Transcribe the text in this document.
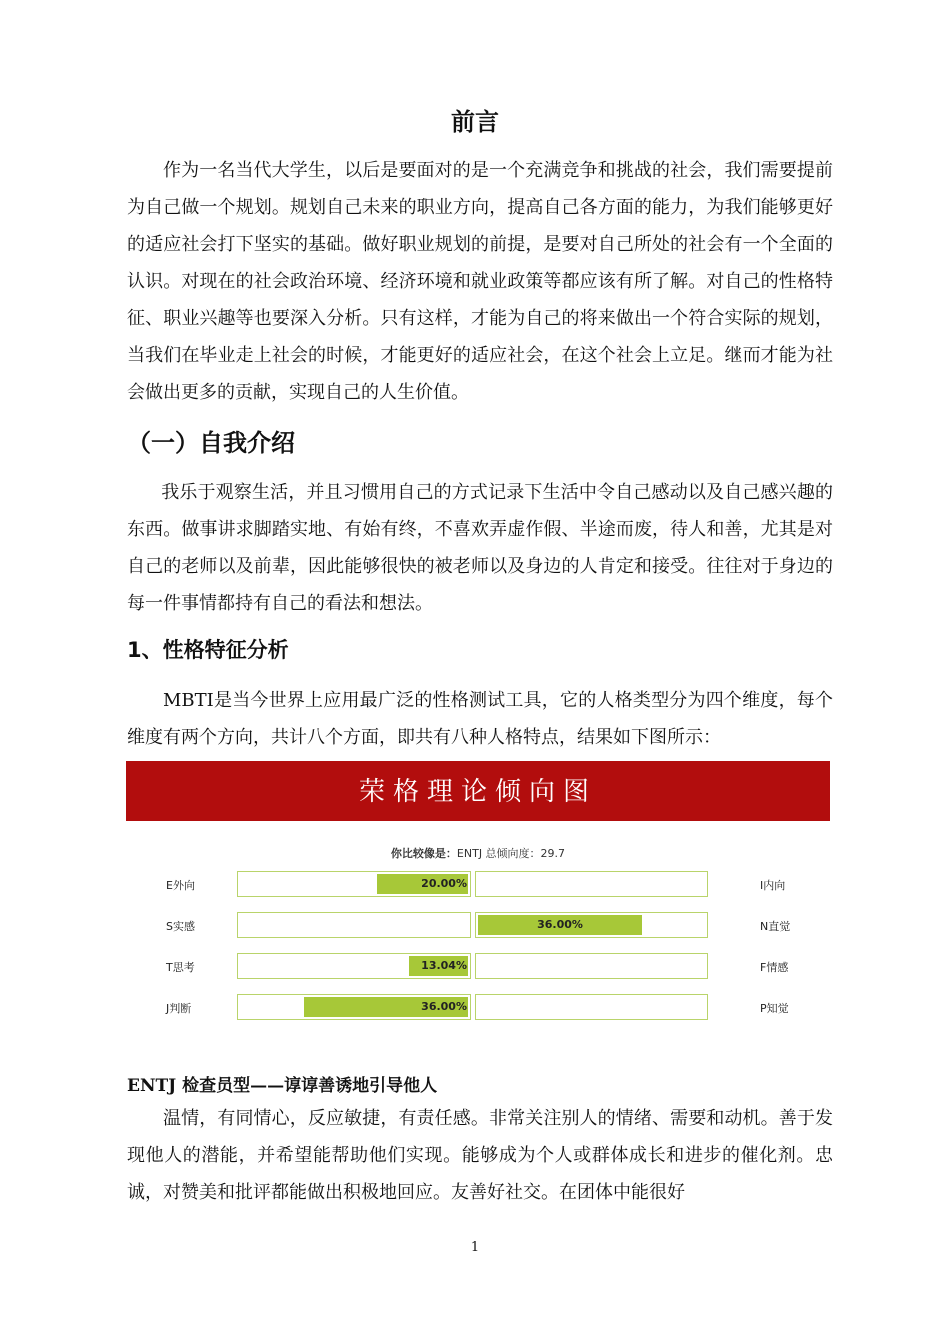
前言

作为一名当代大学生，以后是要面对的是一个充满竞争和挑战的社会，我们需要提前为自己做一个规划。规划自己未来的职业方向，提高自己各方面的能力，为我们能够更好的适应社会打下坚实的基础。做好职业规划的前提，是要对自己所处的社会有一个全面的认识。对现在的社会政治环境、经济环境和就业政策等都应该有所了解。对自己的性格特征、职业兴趣等也要深入分析。只有这样，才能为自己的将来做出一个符合实际的规划，当我们在毕业走上社会的时候，才能更好的适应社会，在这个社会上立足。继而才能为社会做出更多的贡献，实现自己的人生价值。

（一）自我介绍

我乐于观察生活，并且习惯用自己的方式记录下生活中令自己感动以及自己感兴趣的东西。做事讲求脚踏实地、有始有终，不喜欢弄虚作假、半途而废，待人和善，尤其是对自己的老师以及前辈，因此能够很快的被老师以及身边的人肯定和接受。往往对于身边的每一件事情都持有自己的看法和想法。

1、性格特征分析

MBTI是当今世界上应用最广泛的性格测试工具，它的人格类型分为四个维度，每个维度有两个方向，共计八个方面，即共有八种人格特点，结果如下图所示：

荣格理论倾向图
你比较像是：ENTJ 总倾向度：29.7
E外向	I内向
20.00%
S实感	N直觉
36.00%
T思考	F情感
13.04%
J判断	P知觉
36.00%
ENTJ 检查员型——谆谆善诱地引导他人

温情，有同情心，反应敏捷，有责任感。非常关注别人的情绪、需要和动机。善于发现他人的潜能，并希望能帮助他们实现。能够成为个人或群体成长和进步的催化剂。忠诚，对赞美和批评都能做出积极地回应。友善好社交。在团体中能很好

1
